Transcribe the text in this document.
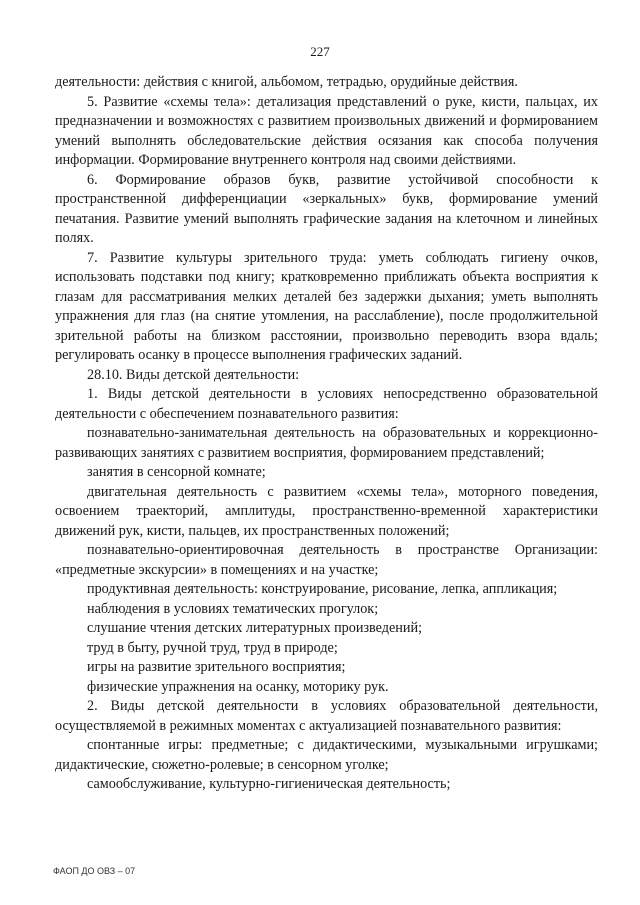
227

деятельности: действия с книгой, альбомом, тетрадью, орудийные действия.

5. Развитие «схемы тела»: детализация представлений о руке, кисти, пальцах, их предназначении и возможностях с развитием произвольных движений и формированием умений выполнять обследовательские действия осязания как способа получения информации. Формирование внутреннего контроля над своими действиями.

6. Формирование образов букв, развитие устойчивой способности к пространственной дифференциации «зеркальных» букв, формирование умений печатания. Развитие умений выполнять графические задания на клеточном и линейных полях.

7. Развитие культуры зрительного труда: уметь соблюдать гигиену очков, использовать подставки под книгу; кратковременно приближать объекта восприятия к глазам для рассматривания мелких деталей без задержки дыхания; уметь выполнять упражнения для глаз (на снятие утомления, на расслабление), после продолжительной зрительной работы на близком расстоянии, произвольно переводить взора вдаль; регулировать осанку в процессе выполнения графических заданий.

28.10. Виды детской деятельности:

1. Виды детской деятельности в условиях непосредственно образовательной деятельности с обеспечением познавательного развития:

познавательно-занимательная деятельность на образовательных и коррекционно-развивающих занятиях с развитием восприятия, формированием представлений;

занятия в сенсорной комнате;

двигательная деятельность с развитием «схемы тела», моторного поведения, освоением траекторий, амплитуды, пространственно-временной характеристики движений рук, кисти, пальцев, их пространственных положений;

познавательно-ориентировочная деятельность в пространстве Организации: «предметные экскурсии» в помещениях и на участке;

продуктивная деятельность: конструирование, рисование, лепка, аппликация;

наблюдения в условиях тематических прогулок;

слушание чтения детских литературных произведений;

труд в быту, ручной труд, труд в природе;

игры на развитие зрительного восприятия;

физические упражнения на осанку, моторику рук.

2. Виды детской деятельности в условиях образовательной деятельности, осуществляемой в режимных моментах с актуализацией познавательного развития:

спонтанные игры: предметные; с дидактическими, музыкальными игрушками; дидактические, сюжетно-ролевые; в сенсорном уголке;

самообслуживание, культурно-гигиеническая деятельность;

ФАОП ДО ОВЗ – 07
